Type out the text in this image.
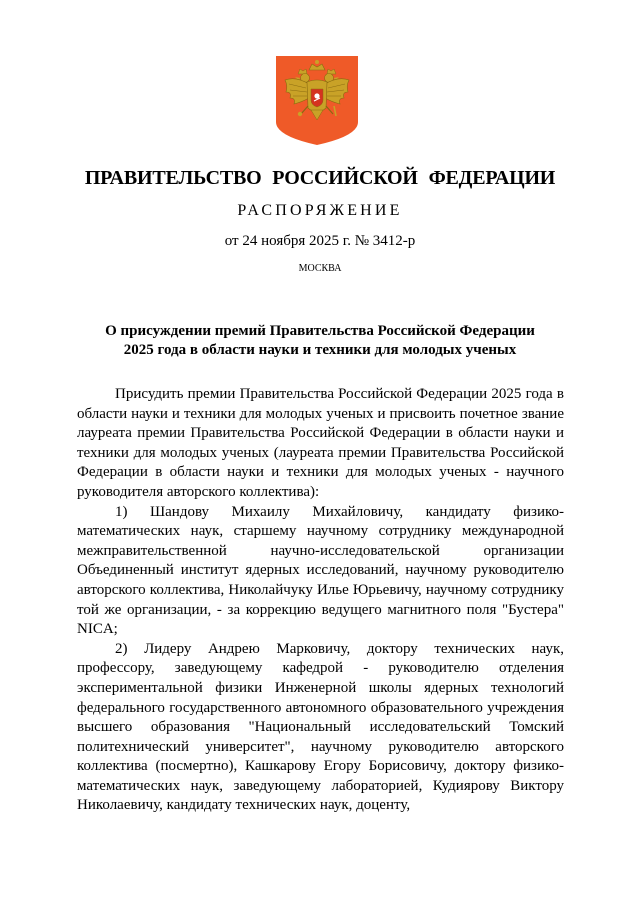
ПРАВИТЕЛЬСТВО РОССИЙСКОЙ ФЕДЕРАЦИИ
РАСПОРЯЖЕНИЕ
от 24 ноября 2025 г. № 3412-р
МОСКВА
О присуждении премий Правительства Российской Федерации
2025 года в области науки и техники для молодых ученых

Присудить премии Правительства Российской Федерации 2025 года в области науки и техники для молодых ученых и присвоить почетное звание лауреата премии Правительства Российской Федерации в области науки и техники для молодых ученых (лауреата премии Правительства Российской Федерации в области науки и техники для молодых ученых - научного руководителя авторского коллектива):

1) Шандову Михаилу Михайловичу, кандидату физико-математических наук, старшему научному сотруднику международной межправительственной научно-исследовательской организации Объединенный институт ядерных исследований, научному руководителю авторского коллектива, Николайчуку Илье Юрьевичу, научному сотруднику той же организации, - за коррекцию ведущего магнитного поля "Бустера" NICA;

2) Лидеру Андрею Марковичу, доктору технических наук, профессору, заведующему кафедрой - руководителю отделения экспериментальной физики Инженерной школы ядерных технологий федерального государственного автономного образовательного учреждения высшего образования "Национальный исследовательский Томский политехнический университет", научному руководителю авторского коллектива (посмертно), Кашкарову Егору Борисовичу, доктору физико-математических наук, заведующему лабораторией, Кудиярову Виктору Николаевичу, кандидату технических наук, доценту,
